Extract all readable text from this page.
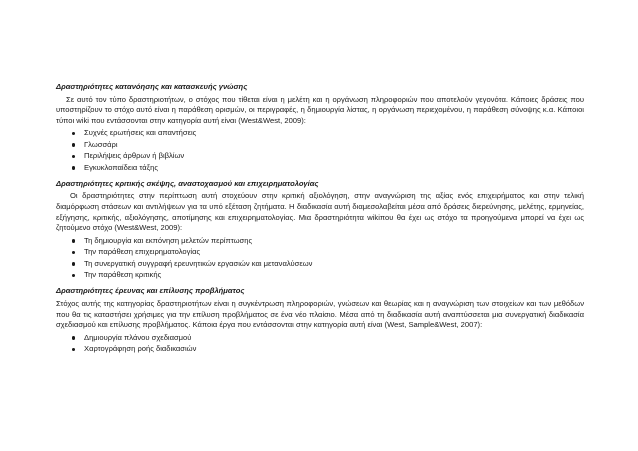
Δραστηριότητες κατανόησης και κατασκευής γνώσης

Σε αυτό τον τύπο δραστηριοτήτων, ο στόχος που τίθεται είναι η μελέτη και η οργάνωση πληροφοριών που αποτελούν γεγονότα. Κάποιες δράσεις που υποστηρίζουν το στόχο αυτό είναι η παράθεση ορισμών, οι περιγραφές, η δημιουργία λίστας, η οργάνωση περιεχομένου, η παράθεση σύνοψης κ.α. Κάποιοι τύποι wiki που εντάσσονται στην κατηγορία αυτή είναι (West&West, 2009):

Συχνές ερωτήσεις και απαντήσεις
Γλωσσάρι
Περιλήψεις άρθρων ή βιβλίων
Εγκυκλοπαίδεια τάξης

Δραστηριότητες κριτικής σκέψης, αναστοχασμού και επιχειρηματολογίας

Οι δραστηριότητες στην περίπτωση αυτή στοχεύουν στην κριτική αξιολόγηση, στην αναγνώριση της αξίας ενός επιχειρήματος και στην τελική διαμόρφωση στάσεων και αντιλήψεων για τα υπό εξέταση ζητήματα. Η διαδικασία αυτή διαμεσολαβείται μέσα από δράσεις διερεύνησης, μελέτης, ερμηνείας, εξήγησης, κριτικής, αξιολόγησης, αποτίμησης και επιχειρηματολογίας. Μια δραστηριότητα wikiπου θα έχει ως στόχο τα προηγούμενα μπορεί να έχει ως ζητούμενο στόχο (West&West, 2009):

Τη δημιουργία και εκπόνηση μελετών περίπτωσης
Την παράθεση επιχειρηματολογίας
Τη συνεργατική συγγραφή ερευνητικών εργασιών και μεταναλύσεων
Την παράθεση κριτικής

Δραστηριότητες έρευνας και επίλυσης προβλήματος

Στόχος αυτής της κατηγορίας δραστηριοτήτων είναι η συγκέντρωση πληροφοριών, γνώσεων και θεωρίας και η αναγνώριση των στοιχείων και των μεθόδων που θα τις καταστήσει χρήσιμες για την επίλυση προβλήματος σε ένα νέο πλαίσιο. Μέσα από τη διαδικασία αυτή αναπτύσσεται μια συνεργατική διαδικασία σχεδιασμού και επίλυσης προβλήματος. Κάποια έργα που εντάσσονται στην κατηγορία αυτή είναι (West, Sample&West, 2007):

Δημιουργία πλάνου σχεδιασμού
Χαρτογράφηση ροής διαδικασιών
